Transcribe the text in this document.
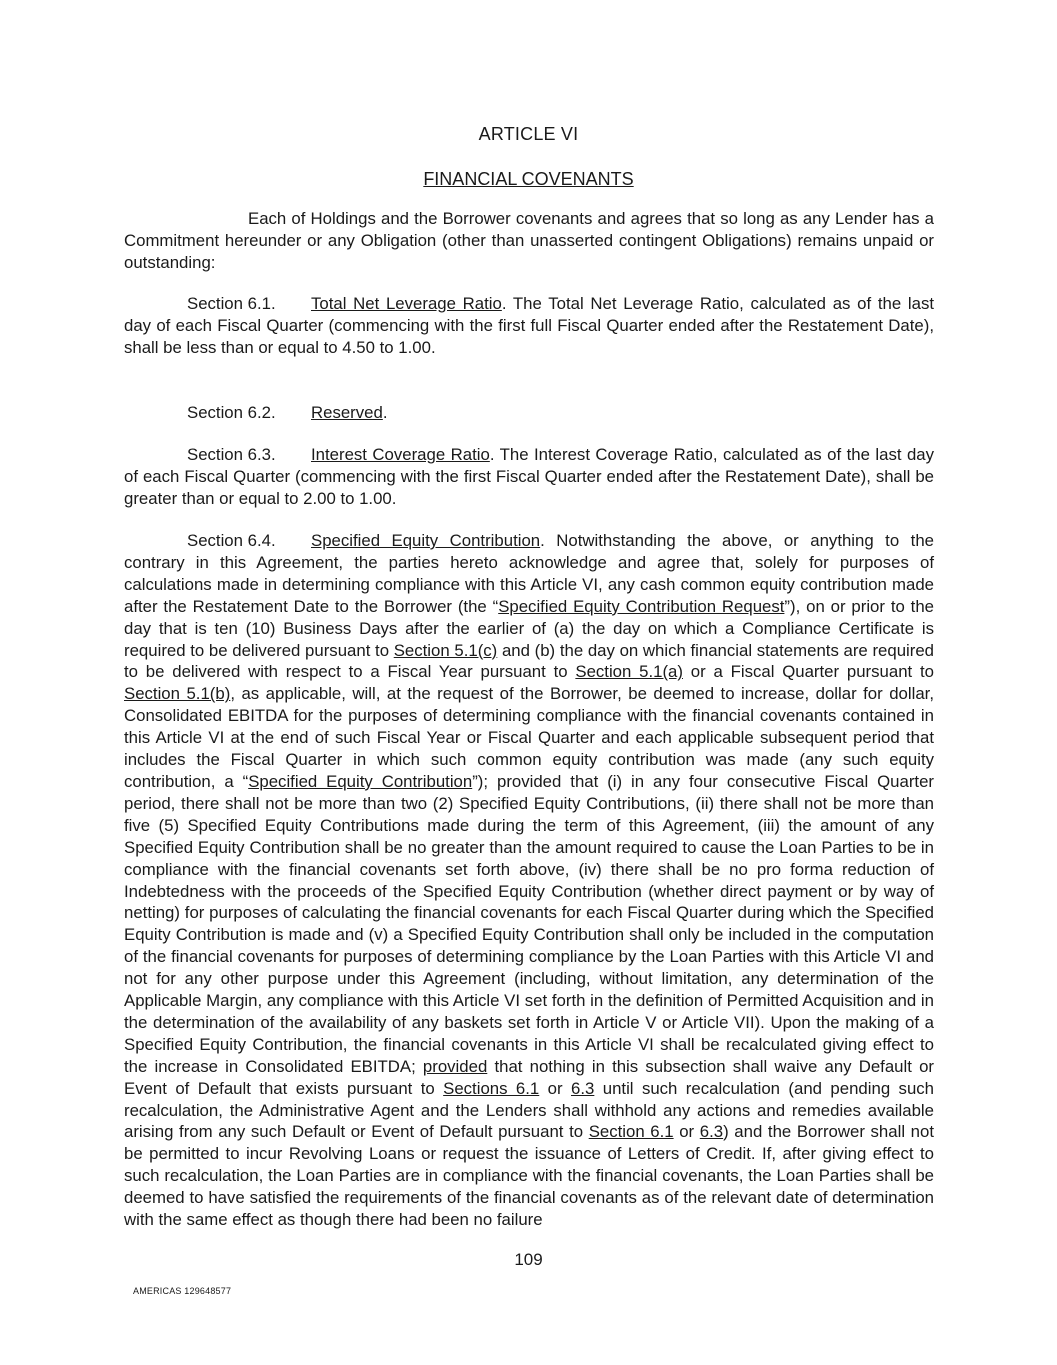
ARTICLE VI
FINANCIAL COVENANTS
Each of Holdings and the Borrower covenants and agrees that so long as any Lender has a Commitment hereunder or any Obligation (other than unasserted contingent Obligations) remains unpaid or outstanding:
Section 6.1. Total Net Leverage Ratio. The Total Net Leverage Ratio, calculated as of the last day of each Fiscal Quarter (commencing with the first full Fiscal Quarter ended after the Restatement Date), shall be less than or equal to 4.50 to 1.00.
Section 6.2. Reserved.
Section 6.3. Interest Coverage Ratio. The Interest Coverage Ratio, calculated as of the last day of each Fiscal Quarter (commencing with the first Fiscal Quarter ended after the Restatement Date), shall be greater than or equal to 2.00 to 1.00.
Section 6.4. Specified Equity Contribution. Notwithstanding the above, or anything to the contrary in this Agreement, the parties hereto acknowledge and agree that, solely for purposes of calculations made in determining compliance with this Article VI, any cash common equity contribution made after the Restatement Date to the Borrower (the “Specified Equity Contribution Request”), on or prior to the day that is ten (10) Business Days after the earlier of (a) the day on which a Compliance Certificate is required to be delivered pursuant to Section 5.1(c) and (b) the day on which financial statements are required to be delivered with respect to a Fiscal Year pursuant to Section 5.1(a) or a Fiscal Quarter pursuant to Section 5.1(b), as applicable, will, at the request of the Borrower, be deemed to increase, dollar for dollar, Consolidated EBITDA for the purposes of determining compliance with the financial covenants contained in this Article VI at the end of such Fiscal Year or Fiscal Quarter and each applicable subsequent period that includes the Fiscal Quarter in which such common equity contribution was made (any such equity contribution, a “Specified Equity Contribution”); provided that (i) in any four consecutive Fiscal Quarter period, there shall not be more than two (2) Specified Equity Contributions, (ii) there shall not be more than five (5) Specified Equity Contributions made during the term of this Agreement, (iii) the amount of any Specified Equity Contribution shall be no greater than the amount required to cause the Loan Parties to be in compliance with the financial covenants set forth above, (iv) there shall be no pro forma reduction of Indebtedness with the proceeds of the Specified Equity Contribution (whether direct payment or by way of netting) for purposes of calculating the financial covenants for each Fiscal Quarter during which the Specified Equity Contribution is made and (v) a Specified Equity Contribution shall only be included in the computation of the financial covenants for purposes of determining compliance by the Loan Parties with this Article VI and not for any other purpose under this Agreement (including, without limitation, any determination of the Applicable Margin, any compliance with this Article VI set forth in the definition of Permitted Acquisition and in the determination of the availability of any baskets set forth in Article V or Article VII). Upon the making of a Specified Equity Contribution, the financial covenants in this Article VI shall be recalculated giving effect to the increase in Consolidated EBITDA; provided that nothing in this subsection shall waive any Default or Event of Default that exists pursuant to Sections 6.1 or 6.3 until such recalculation (and pending such recalculation, the Administrative Agent and the Lenders shall withhold any actions and remedies available arising from any such Default or Event of Default pursuant to Section 6.1 or 6.3) and the Borrower shall not be permitted to incur Revolving Loans or request the issuance of Letters of Credit. If, after giving effect to such recalculation, the Loan Parties are in compliance with the financial covenants, the Loan Parties shall be deemed to have satisfied the requirements of the financial covenants as of the relevant date of determination with the same effect as though there had been no failure
109
AMERICAS 129648577
